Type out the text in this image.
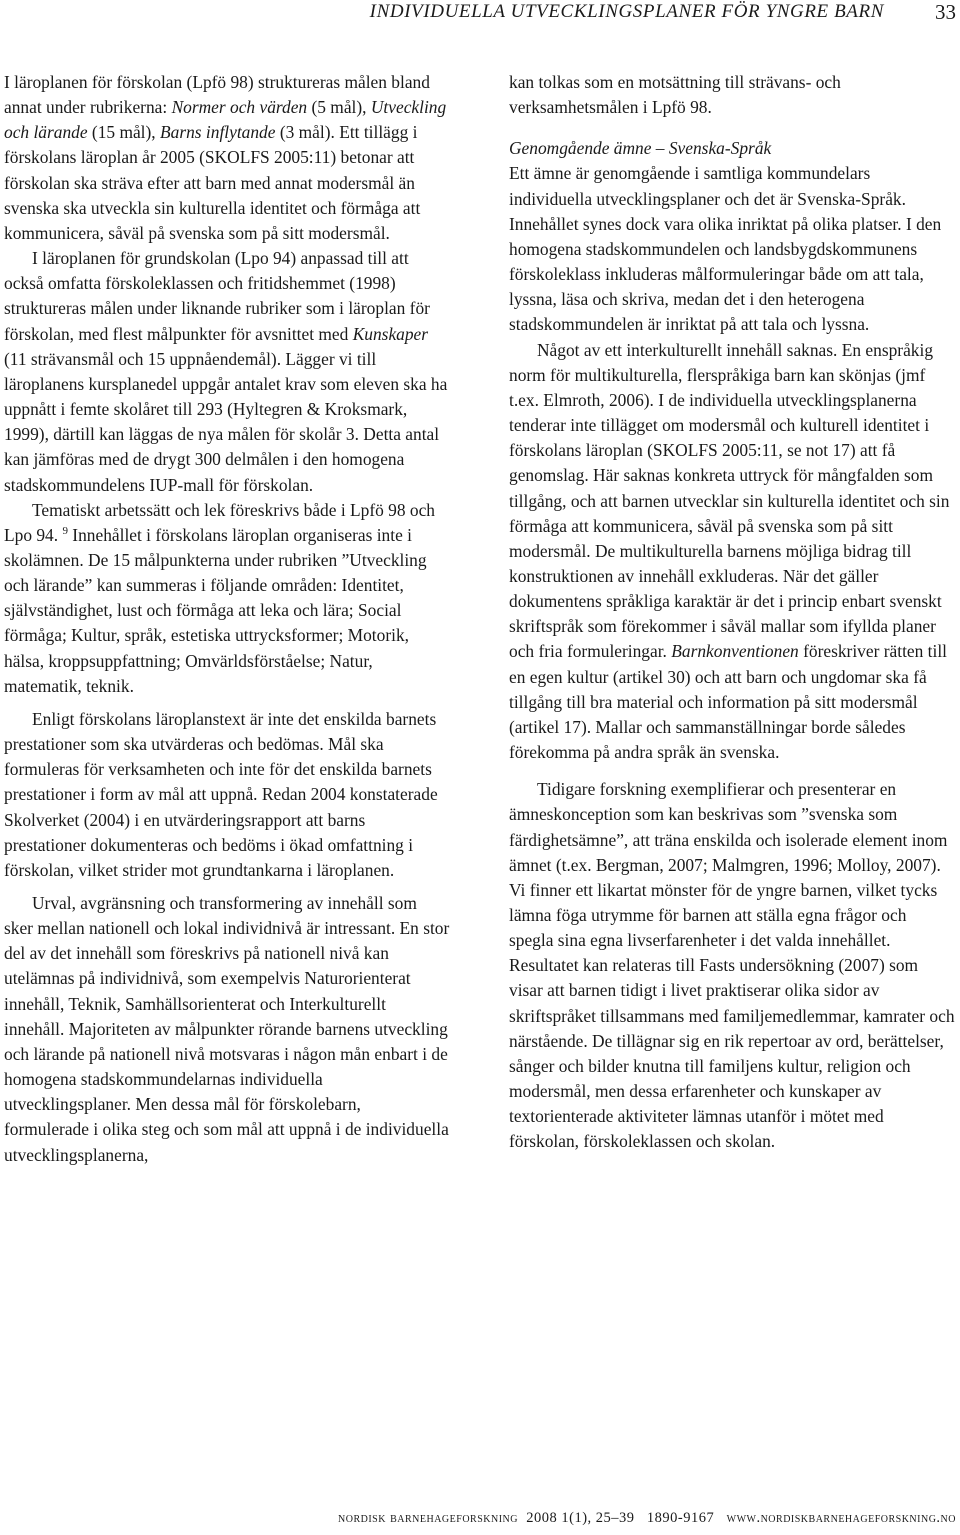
INDIVIDUELLA UTVECKLINGSPLANER FÖR YNGRE BARN 33

I läroplanen för förskolan (Lpfö 98) struktureras målen bland annat under rubrikerna: Normer och värden (5 mål), Utveckling och lärande (15 mål), Barns inflytande (3 mål). Ett tillägg i förskolans läroplan år 2005 (SKOLFS 2005:11) betonar att förskolan ska sträva efter att barn med annat modersmål än svenska ska utveckla sin kulturella identitet och förmåga att kommunicera, såväl på svenska som på sitt modersmål.

I läroplanen för grundskolan (Lpo 94) anpassad till att också omfatta förskoleklassen och fritidshemmet (1998) struktureras målen under liknande rubriker som i läroplan för förskolan, med flest målpunkter för avsnittet med Kunskaper (11 strävansmål och 15 uppnåendemål). Lägger vi till läroplanens kursplanedel uppgår antalet krav som eleven ska ha uppnått i femte skolåret till 293 (Hyltegren & Kroksmark, 1999), därtill kan läggas de nya målen för skolår 3. Detta antal kan jämföras med de drygt 300 delmålen i den homogena stadskommundelens IUP-mall för förskolan.

Tematiskt arbetssätt och lek föreskrivs både i Lpfö 98 och Lpo 94. $^9$ Innehållet i förskolans läroplan organiseras inte i skolämnen. De 15 målpunkterna under rubriken ”Utveckling och lärande” kan summeras i följande områden: Identitet, självständighet, lust och förmåga att leka och lära; Social förmåga; Kultur, språk, estetiska uttrycksformer; Motorik, hälsa, kroppsuppfattning; Omvärldsförståelse; Natur, matematik, teknik.

Enligt förskolans läroplanstext är inte det enskilda barnets prestationer som ska utvärderas och bedömas. Mål ska formuleras för verksamheten och inte för det enskilda barnets prestationer i form av mål att uppnå. Redan 2004 konstaterade Skolverket (2004) i en utvärderingsrapport att barns prestationer dokumenteras och bedöms i ökad omfattning i förskolan, vilket strider mot grundtankarna i läroplanen.

Urval, avgränsning och transformering av innehåll som sker mellan nationell och lokal individnivå är intressant. En stor del av det innehåll som föreskrivs på nationell nivå kan utelämnas på individnivå, som exempelvis Naturorienterat innehåll, Teknik, Samhällsorienterat och Interkulturellt innehåll. Majoriteten av målpunkter rörande barnens utveckling och lärande på nationell nivå motsvaras i någon mån enbart i de homogena stadskommundelarnas individuella utvecklingsplaner. Men dessa mål för förskolebarn, formulerade i olika steg och som mål att uppnå i de individuella utvecklingsplanerna,

kan tolkas som en motsättning till strävans- och verksamhetsmålen i Lpfö 98.

Genomgående ämne – Svenska-Språk

Ett ämne är genomgående i samtliga kommundelars individuella utvecklingsplaner och det är Svenska-Språk. Innehållet synes dock vara olika inriktat på olika platser. I den homogena stadskommundelen och landsbygdskommunens förskoleklass inkluderas målformuleringar både om att tala, lyssna, läsa och skriva, medan det i den heterogena stadskommundelen är inriktat på att tala och lyssna.

Något av ett interkulturellt innehåll saknas. En enspråkig norm för multikulturella, flerspråkiga barn kan skönjas (jmf t.ex. Elmroth, 2006). I de individuella utvecklingsplanerna tenderar inte tillägget om modersmål och kulturell identitet i förskolans läroplan (SKOLFS 2005:11, se not 17) att få genomslag. Här saknas konkreta uttryck för mångfalden som tillgång, och att barnen utvecklar sin kulturella identitet och sin förmåga att kommunicera, såväl på svenska som på sitt modersmål. De multikulturella barnens möjliga bidrag till konstruktionen av innehåll exkluderas. När det gäller dokumentens språkliga karaktär är det i princip enbart svenskt skriftspråk som förekommer i såväl mallar som ifyllda planer och fria formuleringar. Barnkonventionen föreskriver rätten till en egen kultur (artikel 30) och att barn och ungdomar ska få tillgång till bra material och information på sitt modersmål (artikel 17). Mallar och sammanställningar borde således förekomma på andra språk än svenska.

Tidigare forskning exemplifierar och presenterar en ämneskonception som kan beskrivas som ”svenska som färdighetsämne”, att träna enskilda och isolerade element inom ämnet (t.ex. Bergman, 2007; Malmgren, 1996; Molloy, 2007). Vi finner ett likartat mönster för de yngre barnen, vilket tycks lämna föga utrymme för barnen att ställa egna frågor och spegla sina egna livserfarenheter i det valda innehållet. Resultatet kan relateras till Fasts undersökning (2007) som visar att barnen tidigt i livet praktiserar olika sidor av skriftspråket tillsammans med familjemedlemmar, kamrater och närstående. De tillägnar sig en rik repertoar av ord, berättelser, sånger och bilder knutna till familjens kultur, religion och modersmål, men dessa erfarenheter och kunskaper av textorienterade aktiviteter lämnas utanför i mötet med förskolan, förskoleklassen och skolan.

nordisk barnehageforskning 2008 1(1), 25–39 1890-9167 www.nordiskbarnehageforskning.no
